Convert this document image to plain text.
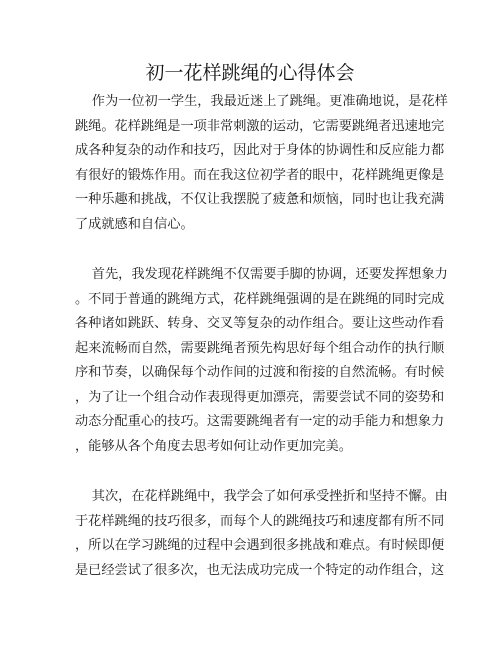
初一花样跳绳的心得体会
作为一位初一学生，我最近迷上了跳绳。更准确地说，是花样
跳绳。花样跳绳是一项非常刺激的运动，它需要跳绳者迅速地完
成各种复杂的动作和技巧，因此对于身体的协调性和反应能力都
有很好的锻炼作用。而在我这位初学者的眼中，花样跳绳更像是
一种乐趣和挑战，不仅让我摆脱了疲惫和烦恼，同时也让我充满
了成就感和自信心。
首先，我发现花样跳绳不仅需要手脚的协调，还要发挥想象力
。不同于普通的跳绳方式，花样跳绳强调的是在跳绳的同时完成
各种诸如跳跃、转身、交叉等复杂的动作组合。要让这些动作看
起来流畅而自然，需要跳绳者预先构思好每个组合动作的执行顺
序和节奏，以确保每个动作间的过渡和衔接的自然流畅。有时候
，为了让一个组合动作表现得更加漂亮，需要尝试不同的姿势和
动态分配重心的技巧。这需要跳绳者有一定的动手能力和想象力
，能够从各个角度去思考如何让动作更加完美。
其次，在花样跳绳中，我学会了如何承受挫折和坚持不懈。由
于花样跳绳的技巧很多，而每个人的跳绳技巧和速度都有所不同
，所以在学习跳绳的过程中会遇到很多挑战和难点。有时候即便
是已经尝试了很多次，也无法成功完成一个特定的动作组合，这
